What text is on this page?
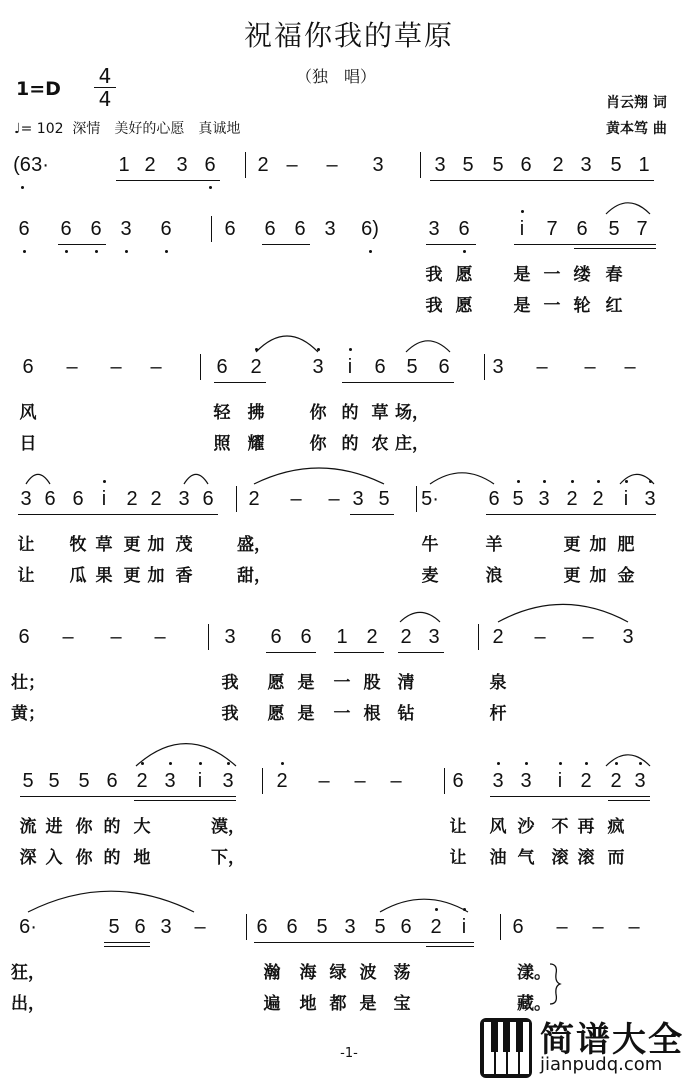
祝福你我的草原
（独　唱）
1=D
4
4
♩= 102 深情　美好的心愿　真诚地
肖云翔 词
黄本笃 曲
(6 3·	1 2 3 6 2 – – 3	3 5 5 6 2 3 5 1
6 6 6 3 6	6 6 6 3 6) 3 6	i 7 6 5 7
我 愿 是 一 缕 春
我 愿 是 一 轮 红
6 – – –	6 2	3 i 6 5 6 3 – – –
风	轻 拂	你 的 草 场，
日	照 耀	你 的 农 庄，
3 6 6 i 2 2 3 6 2 – – 3 5 5· 6 5 3 2 2 i 3
让 牧 草 更 加 茂	盛，	牛	羊	更 加 肥
让 瓜 果 更 加 香	甜，	麦	浪	更 加 金
6 – – –	3 6 6 1 2 2 3	2 – – 3
壮；	我 愿 是 一 股 清	泉
黄；	我 愿 是 一 根 钻	杆
5 5 5 6 2 3 i 3 2 – – –	6 3 3 i 2 2 3
流 进 你 的 大	漠，	让 风 沙 不 再 疯
深 入 你 的 地	下，	让 油 气 滚 滚 而
6·	5 6 3 –	6 6 5 3 5 6 2 i 6 – – –
狂，	瀚 海 绿 波 荡	漾。
出，	遍 地 都 是 宝	藏。
-1-	简谱大全
jianpudq.com
